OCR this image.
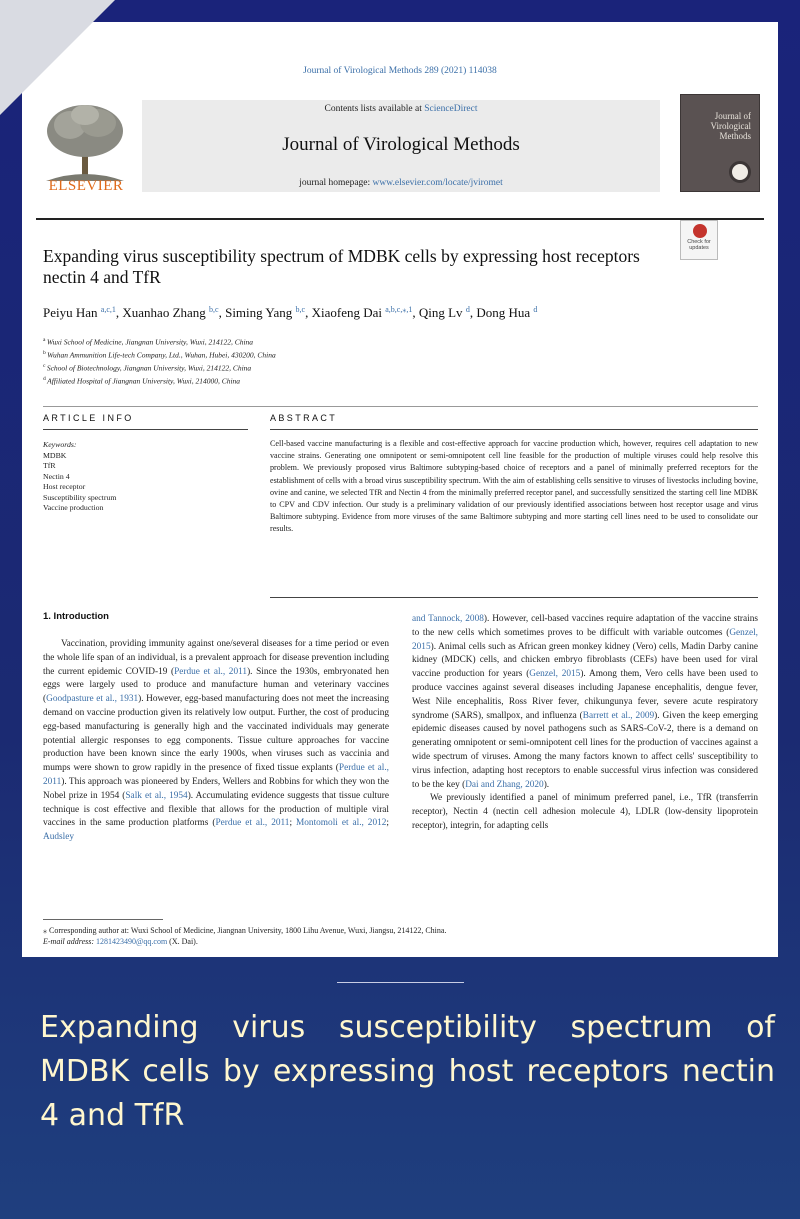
Journal of Virological Methods 289 (2021) 114038
ELSEVIER
Contents lists available at ScienceDirect
Journal of Virological Methods
journal homepage: www.elsevier.com/locate/jviromet
Journal of Virological Methods
Check for updates
Expanding virus susceptibility spectrum of MDBK cells by expressing host receptors nectin 4 and TfR
Peiyu Han $^{a,c,1}$, Xuanhao Zhang $^{b,c}$, Siming Yang $^{b,c}$, Xiaofeng Dai $^{a,b,c,⁎,1}$, Qing Lv $^d$, Dong Hua $^d$
$^a$ Wuxi School of Medicine, Jiangnan University, Wuxi, 214122, China
$^b$ Wuhan Ammunition Life-tech Company, Ltd., Wuhan, Hubei, 430200, China
$^c$ School of Biotechnology, Jiangnan University, Wuxi, 214122, China
$^d$ Affiliated Hospital of Jiangnan University, Wuxi, 214000, China
ARTICLE INFO	ABSTRACT
Keywords:
MDBK
TfR
Nectin 4
Host receptor
Susceptibility spectrum
Vaccine production
Cell-based vaccine manufacturing is a flexible and cost-effective approach for vaccine production which, however, requires cell adaptation to new vaccine strains. Generating one omnipotent or semi-omnipotent cell line feasible for the production of multiple viruses could help resolve this problem. We previously proposed virus Baltimore subtyping-based choice of receptors and a panel of minimally preferred receptors for the establishment of cells with a broad virus susceptibility spectrum. With the aim of establishing cells sensitive to viruses of livestocks including bovine, ovine and canine, we selected TfR and Nectin 4 from the minimally preferred receptor panel, and successfully sensitized the starting cell line MDBK to CPV and CDV infection. Our study is a preliminary validation of our previously identified associations between host receptor usage and virus Baltimore subtyping. Evidence from more viruses of the same Baltimore subtyping and more starting cell lines need to be used to consolidate our results.
1. Introduction

Vaccination, providing immunity against one/several diseases for a time period or even the whole life span of an individual, is a prevalent approach for disease prevention including the current epidemic COVID-19 (Perdue et al., 2011). Since the 1930s, embryonated hen eggs were largely used to produce and manufacture human and veterinary vaccines (Goodpasture et al., 1931). However, egg-based manufacturing does not meet the increasing demand on vaccine production given its relatively low output. Further, the cost of producing egg-based manufacturing is generally high and the vaccinated individuals may generate potential allergic responses to egg components. Tissue culture approaches for vaccine production have been known since the early 1900s, when viruses such as vaccinia and mumps were shown to grow rapidly in the presence of fixed tissue explants (Perdue et al., 2011). This approach was pioneered by Enders, Wellers and Robbins for which they won the Nobel prize in 1954 (Salk et al., 1954). Accumulating evidence suggests that tissue culture technique is cost effective and flexible that allows for the production of multiple viral vaccines in the same production platforms (Perdue et al., 2011; Montomoli et al., 2012; Audsley

and Tannock, 2008). However, cell-based vaccines require adaptation of the vaccine strains to the new cells which sometimes proves to be difficult with variable outcomes (Genzel, 2015). Animal cells such as African green monkey kidney (Vero) cells, Madin Darby canine kidney (MDCK) cells, and chicken embryo fibroblasts (CEFs) have been used for viral vaccine production for years (Genzel, 2015). Among them, Vero cells have been used to produce vaccines against several diseases including Japanese encephalitis, dengue fever, West Nile encephalitis, Ross River fever, chikungunya fever, severe acute respiratory syndrome (SARS), smallpox, and influenza (Barrett et al., 2009). Given the keep emerging epidemic diseases caused by novel pathogens such as SARS-CoV-2, there is a demand on generating omnipotent or semi-omnipotent cell lines for the production of vaccines against a wide spectrum of viruses. Among the many factors known to affect cells' susceptibility to virus infection, adapting host receptors to enable successful virus infection was considered to be the key (Dai and Zhang, 2020).

We previously identified a panel of minimum preferred panel, i.e., TfR (transferrin receptor), Nectin 4 (nectin cell adhesion molecule 4), LDLR (low-density lipoprotein receptor), integrin, for adapting cells

⁎ Corresponding author at: Wuxi School of Medicine, Jiangnan University, 1800 Lihu Avenue, Wuxi, Jiangsu, 214122, China.
E-mail address: 1281423490@qq.com (X. Dai).
Expanding virus susceptibility spectrum of MDBK cells by expressing host receptors nectin 4 and TfR
